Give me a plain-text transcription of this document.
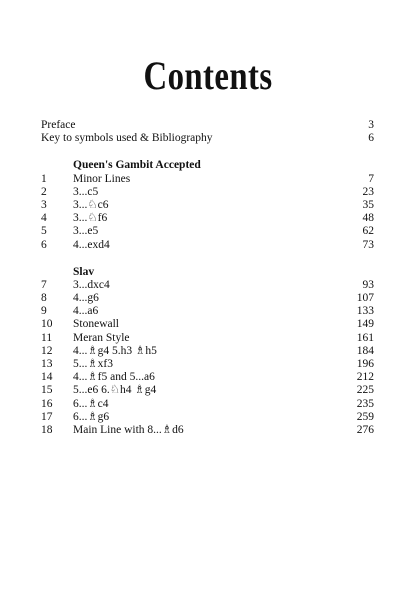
Contents
Preface	3
Key to symbols used & Bibliography	6
Queen's Gambit Accepted
1 Minor Lines	7
2 3...c5	23
3 3...♘c6	35
4 3...♘f6	48
5 3...e5	62
6 4...exd4	73
Slav
7 3...dxc4	93
8 4...g6	107
9 4...a6	133
10 Stonewall	149
11 Meran Style	161
12 4...♗g4 5.h3 ♗h5	184
13 5...♗xf3	196
14 4...♗f5 and 5...a6	212
15 5...e6 6.♘h4 ♗g4	225
16 6...♗c4	235
17 6...♗g6	259
18 Main Line with 8...♗d6	276
